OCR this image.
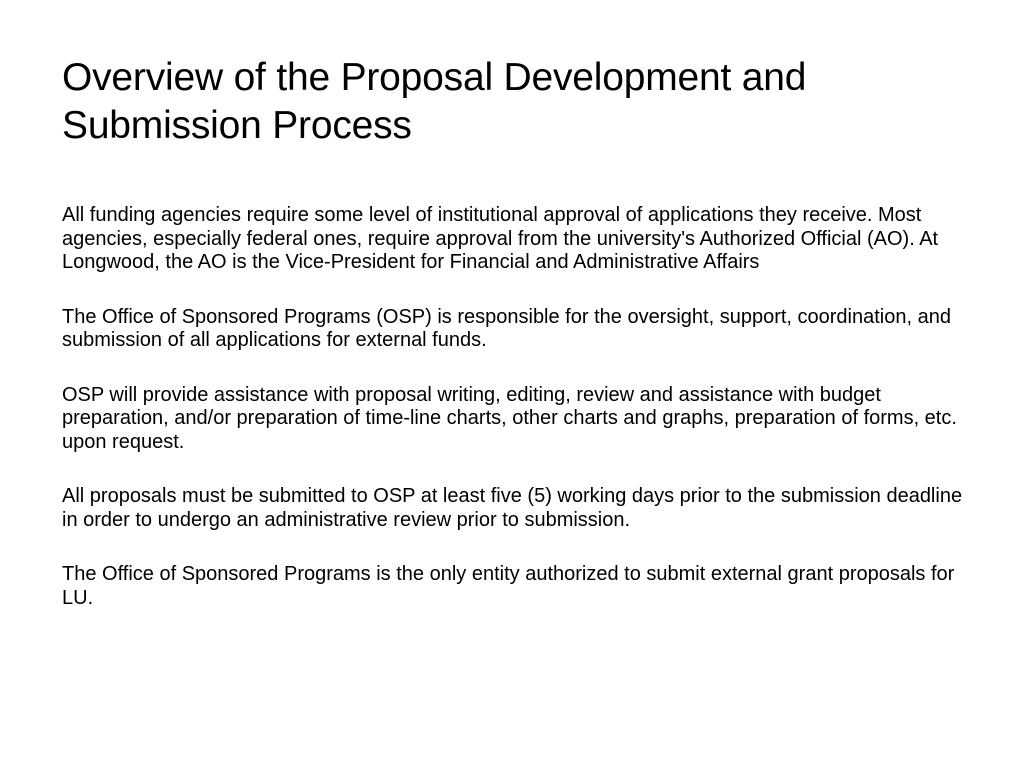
Overview of the Proposal Development and Submission Process

All funding agencies require some level of institutional approval of applications they receive. Most agencies, especially federal ones, require approval from the university's Authorized Official (AO). At Longwood, the AO is the Vice-President for Financial and Administrative Affairs

The Office of Sponsored Programs (OSP) is responsible for the oversight, support, coordination, and submission of all applications for external funds.

OSP will provide assistance with proposal writing, editing, review and assistance with budget preparation, and/or preparation of time-line charts, other charts and graphs, preparation of forms, etc. upon request.

All proposals must be submitted to OSP at least five (5) working days prior to the submission deadline in order to undergo an administrative review prior to submission.

The Office of Sponsored Programs is the only entity authorized to submit external grant proposals for LU.
